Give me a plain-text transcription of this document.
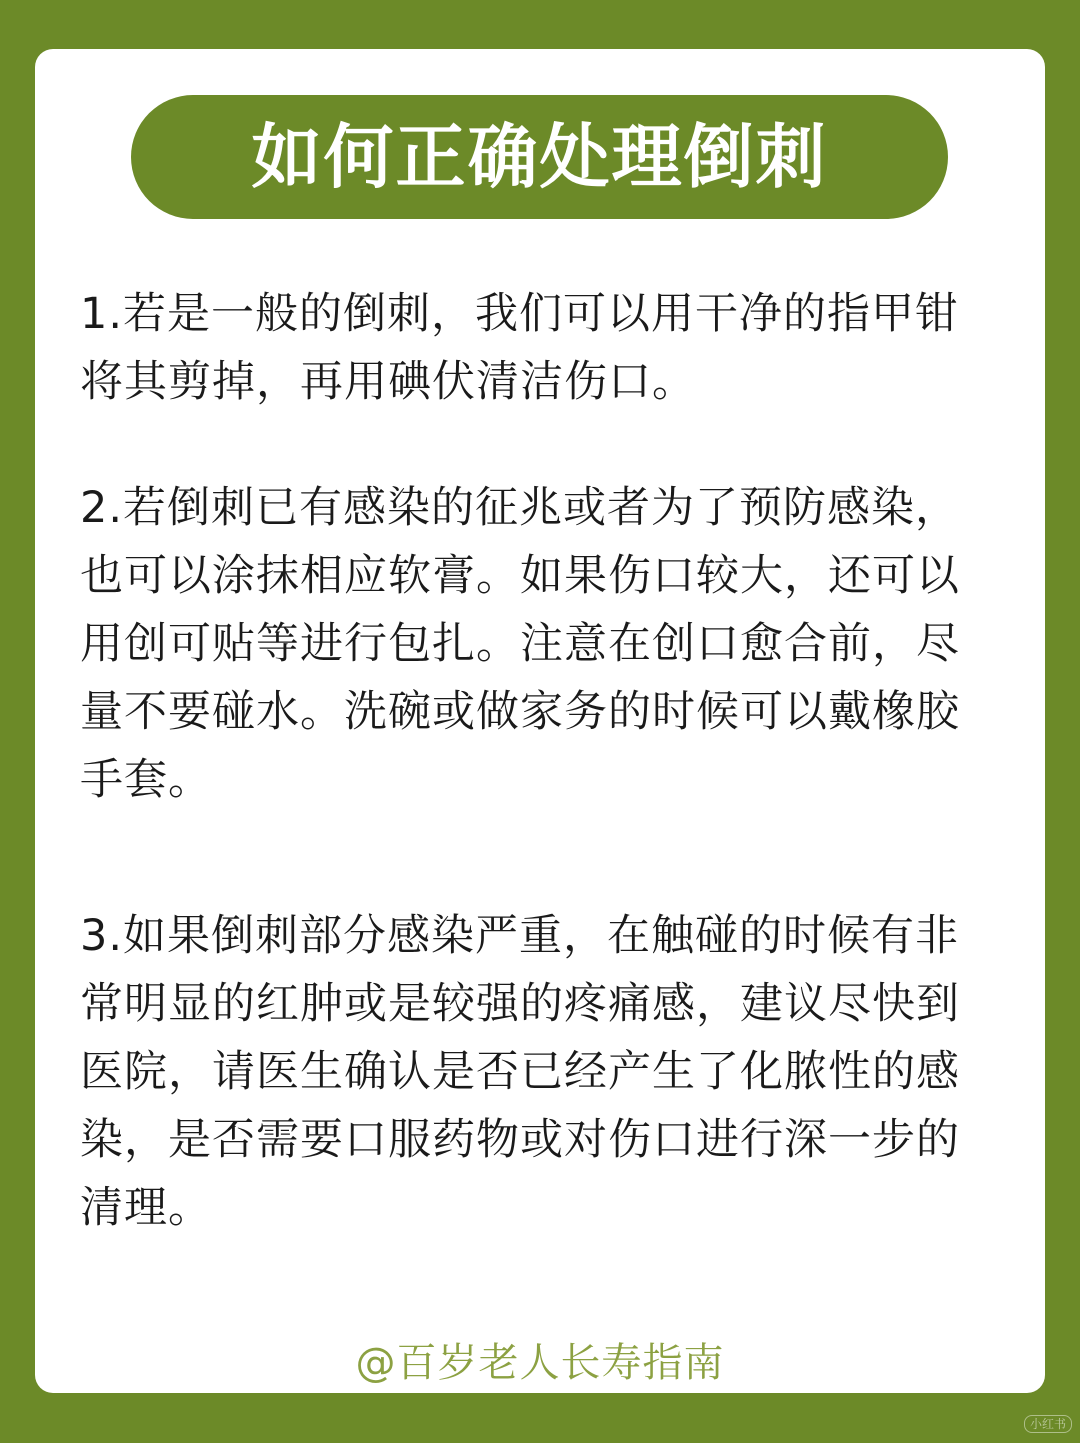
如何正确处理倒刺

1.若是一般的倒刺，我们可以用干净的指甲钳将其剪掉，再用碘伏清洁伤口。

2.若倒刺已有感染的征兆或者为了预防感染，也可以涂抹相应软膏。如果伤口较大，还可以用创可贴等进行包扎。注意在创口愈合前，尽量不要碰水。洗碗或做家务的时候可以戴橡胶手套。

3.如果倒刺部分感染严重，在触碰的时候有非常明显的红肿或是较强的疼痛感，建议尽快到医院，请医生确认是否已经产生了化脓性的感染，是否需要口服药物或对伤口进行深一步的清理。

@百岁老人长寿指南
小红书
